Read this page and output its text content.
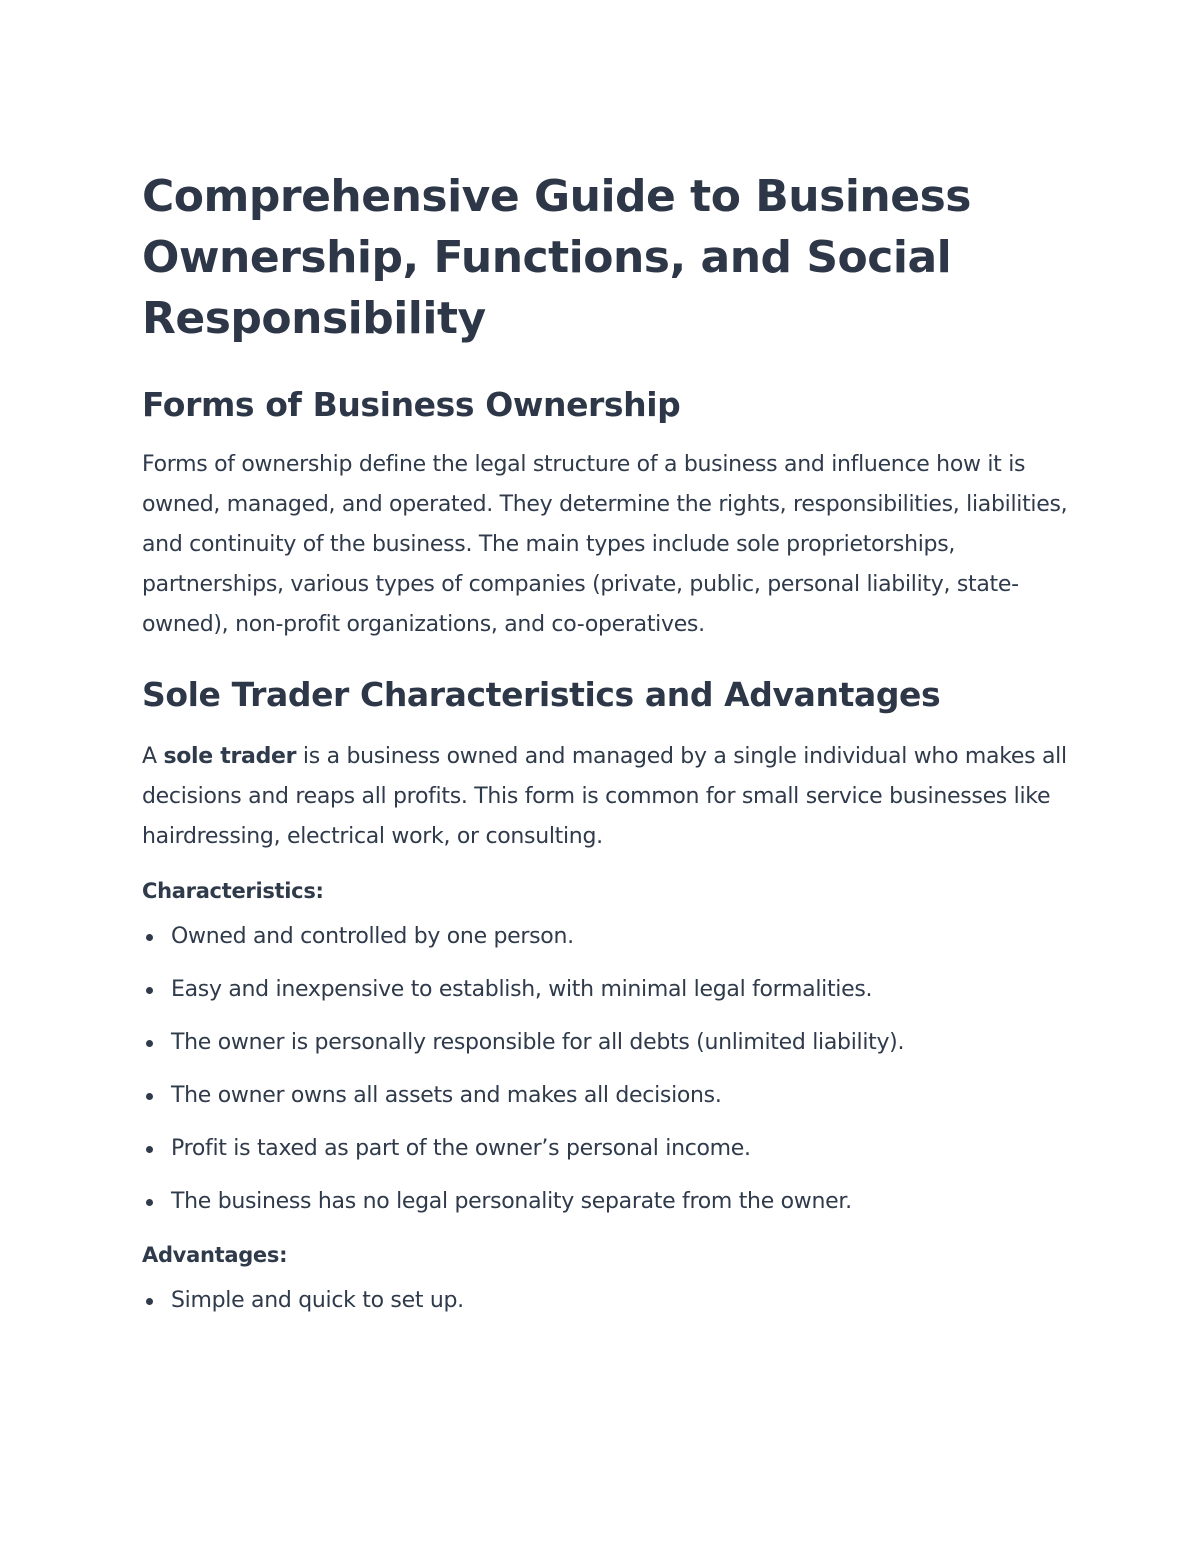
Comprehensive Guide to Business Ownership, Functions, and Social Responsibility
Forms of Business Ownership

Forms of ownership define the legal structure of a business and influence how it is owned, managed, and operated. They determine the rights, responsibilities, liabilities, and continuity of the business. The main types include sole proprietorships, partnerships, various types of companies (private, public, personal liability, state-owned), non-profit organizations, and co-operatives.

Sole Trader Characteristics and Advantages

A sole trader is a business owned and managed by a single individual who makes all decisions and reaps all profits. This form is common for small service businesses like hairdressing, electrical work, or consulting.

Characteristics:
Owned and controlled by one person.
Easy and inexpensive to establish, with minimal legal formalities.
The owner is personally responsible for all debts (unlimited liability).
The owner owns all assets and makes all decisions.
Profit is taxed as part of the owner’s personal income.
The business has no legal personality separate from the owner.
Advantages:
Simple and quick to set up.
